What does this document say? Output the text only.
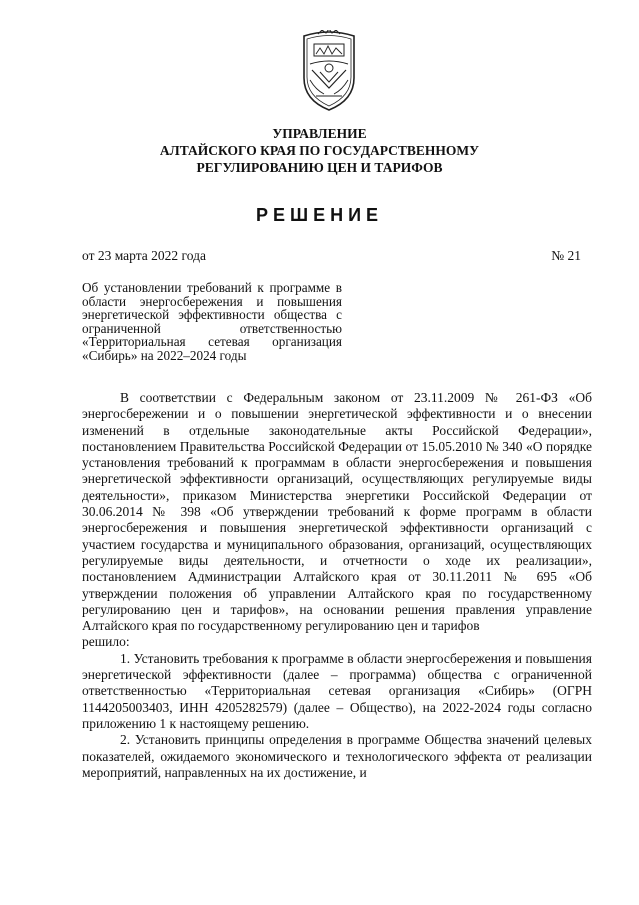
УПРАВЛЕНИЕ
АЛТАЙСКОГО КРАЯ ПО ГОСУДАРСТВЕННОМУ
РЕГУЛИРОВАНИЮ ЦЕН И ТАРИФОВ
РЕШЕНИЕ
от 23 марта 2022 года	№ 21
Об установлении требований к программе в области энергосбережения и повышения энергетической эффективности общества с ограниченной ответственностью «Территориальная сетевая организация «Сибирь» на 2022–2024 годы

В соответствии с Федеральным законом от 23.11.2009 № 261-ФЗ «Об энергосбережении и о повышении энергетической эффективности и о внесении изменений в отдельные законодательные акты Российской Федерации», постановлением Правительства Российской Федерации от 15.05.2010 № 340 «О порядке установления требований к программам в области энергосбережения и повышения энергетической эффективности организаций, осуществляющих регулируемые виды деятельности», приказом Министерства энергетики Российской Федерации от 30.06.2014 № 398 «Об утверждении требований к форме программ в области энергосбережения и повышения энергетической эффективности организаций с участием государства и муниципального образования, организаций, осуществляющих регулируемые виды деятельности, и отчетности о ходе их реализации», постановлением Администрации Алтайского края от 30.11.2011 № 695 «Об утверждении положения об управлении Алтайского края по государственному регулированию цен и тарифов», на основании решения правления управление Алтайского края по государственному регулированию цен и тарифов

решило:

1. Установить требования к программе в области энергосбережения и повышения энергетической эффективности (далее – программа) общества с ограниченной ответственностью «Территориальная сетевая организация «Сибирь» (ОГРН 1144205003403, ИНН 4205282579) (далее – Общество), на 2022-2024 годы согласно приложению 1 к настоящему решению.

2. Установить принципы определения в программе Общества значений целевых показателей, ожидаемого экономического и технологического эффекта от реализации мероприятий, направленных на их достижение, и
